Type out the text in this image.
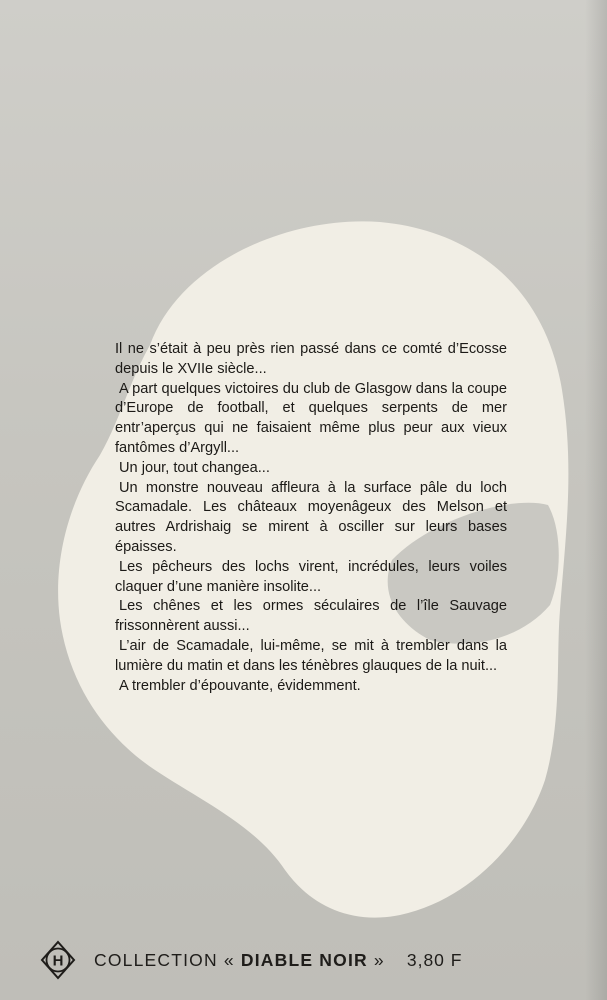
Il ne s’était à peu près rien passé dans ce comté d’Ecosse depuis le XVIIe siècle...

A part quelques victoires du club de Glasgow dans la coupe d’Europe de football, et quelques serpents de mer entr’aperçus qui ne faisaient même plus peur aux vieux fantômes d’Argyll...

Un jour, tout changea...

Un monstre nouveau affleura à la surface pâle du loch Scamadale. Les châteaux moyenâgeux des Melson et autres Ardrishaig se mirent à osciller sur leurs bases épaisses.

Les pêcheurs des lochs virent, incrédules, leurs voiles claquer d’une manière insolite...

Les chênes et les ormes séculaires de l’île Sauvage frissonnèrent aussi...

L’air de Scamadale, lui-même, se mit à trembler dans la lumière du matin et dans les ténèbres glauques de la nuit...

A trembler d’épouvante, évidemment.

H COLLECTION « DIABLE NOIR » 3,80 F
